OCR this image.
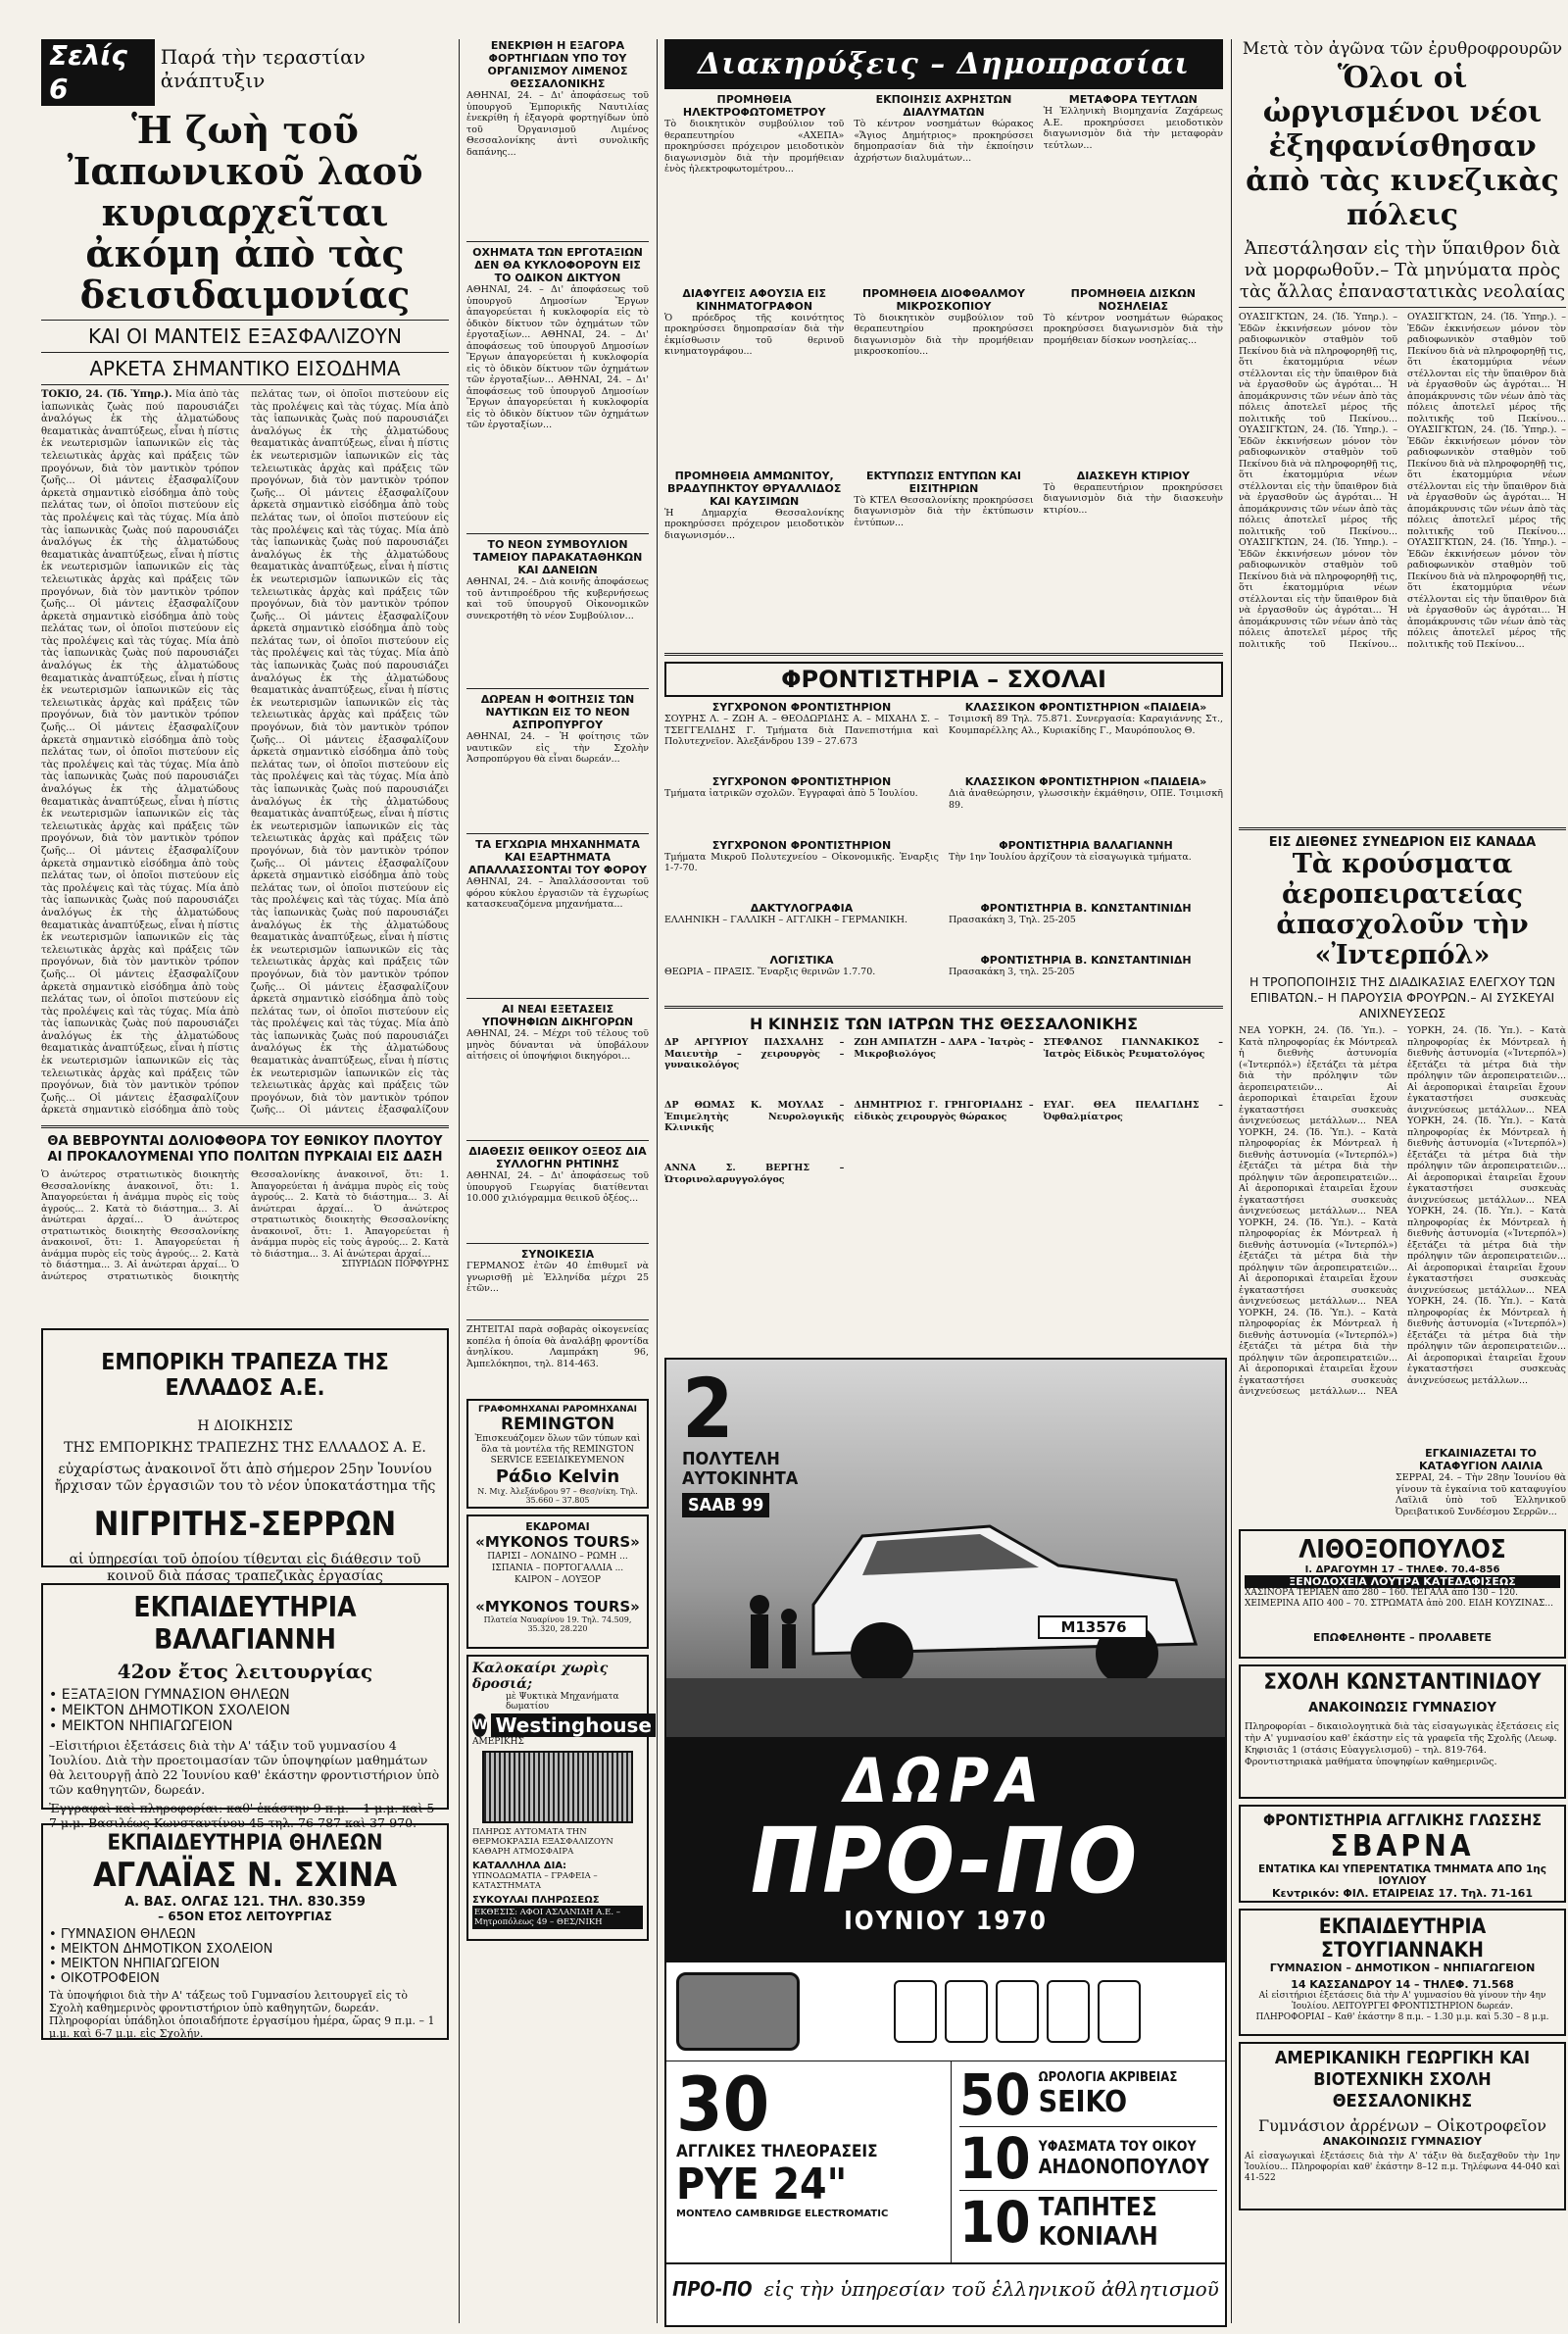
Σελίς 6
Παρά τὴν τεραστίαν ἀνάπτυξιν
Ἡ ζωὴ τοῦ Ἰαπωνικοῦ λαοῦ κυριαρχεῖται ἀκόμη ἀπὸ τὰς δεισιδαιμονίας
ΚΑΙ ΟΙ ΜΑΝΤΕΙΣ ΕΞΑΣΦΑΛΙΖΟΥΝ
ΑΡΚΕΤΑ ΣΗΜΑΝΤΙΚΟ ΕΙΣΟΔΗΜΑ
ΤΟΚΙΟ, 24. (Ἰδ. Ὑπηρ.). Μία ἀπὸ τὰς ἰαπωνικὰς ζωὰς πού παρουσιάζει ἀναλόγως ἐκ τὴς ἀλματώδους θεαματικὰς ἀναπτύξεως, εἶναι ἡ πίστις ἐκ νεωτερισμῶν ἰαπωνικῶν εἰς τὰς τελειωτικὰς ἀρχὰς καὶ πράξεις τῶν προγόνων, διὰ τὸν μαντικὸν τρόπον ζωῆς... Οἱ μάντεις ἐξασφαλίζουν ἀρκετὰ σημαντικὸ εἰσόδημα ἀπὸ τοὺς πελάτας των, οἱ ὁποῖοι πιστεύουν εἰς τὰς προλέψεις καὶ τὰς τύχας. Μία ἀπὸ τὰς ἰαπωνικὰς ζωὰς πού παρουσιάζει ἀναλόγως ἐκ τὴς ἀλματώδους θεαματικὰς ἀναπτύξεως, εἶναι ἡ πίστις ἐκ νεωτερισμῶν ἰαπωνικῶν εἰς τὰς τελειωτικὰς ἀρχὰς καὶ πράξεις τῶν προγόνων, διὰ τὸν μαντικὸν τρόπον ζωῆς... Οἱ μάντεις ἐξασφαλίζουν ἀρκετὰ σημαντικὸ εἰσόδημα ἀπὸ τοὺς πελάτας των, οἱ ὁποῖοι πιστεύουν εἰς τὰς προλέψεις καὶ τὰς τύχας. Μία ἀπὸ τὰς ἰαπωνικὰς ζωὰς πού παρουσιάζει ἀναλόγως ἐκ τὴς ἀλματώδους θεαματικὰς ἀναπτύξεως, εἶναι ἡ πίστις ἐκ νεωτερισμῶν ἰαπωνικῶν εἰς τὰς τελειωτικὰς ἀρχὰς καὶ πράξεις τῶν προγόνων, διὰ τὸν μαντικὸν τρόπον ζωῆς... Οἱ μάντεις ἐξασφαλίζουν ἀρκετὰ σημαντικὸ εἰσόδημα ἀπὸ τοὺς πελάτας των, οἱ ὁποῖοι πιστεύουν εἰς τὰς προλέψεις καὶ τὰς τύχας. Μία ἀπὸ τὰς ἰαπωνικὰς ζωὰς πού παρουσιάζει ἀναλόγως ἐκ τὴς ἀλματώδους θεαματικὰς ἀναπτύξεως, εἶναι ἡ πίστις ἐκ νεωτερισμῶν ἰαπωνικῶν εἰς τὰς τελειωτικὰς ἀρχὰς καὶ πράξεις τῶν προγόνων, διὰ τὸν μαντικὸν τρόπον ζωῆς... Οἱ μάντεις ἐξασφαλίζουν ἀρκετὰ σημαντικὸ εἰσόδημα ἀπὸ τοὺς πελάτας των, οἱ ὁποῖοι πιστεύουν εἰς τὰς προλέψεις καὶ τὰς τύχας. Μία ἀπὸ τὰς ἰαπωνικὰς ζωὰς πού παρουσιάζει ἀναλόγως ἐκ τὴς ἀλματώδους θεαματικὰς ἀναπτύξεως, εἶναι ἡ πίστις ἐκ νεωτερισμῶν ἰαπωνικῶν εἰς τὰς τελειωτικὰς ἀρχὰς καὶ πράξεις τῶν προγόνων, διὰ τὸν μαντικὸν τρόπον ζωῆς... Οἱ μάντεις ἐξασφαλίζουν ἀρκετὰ σημαντικὸ εἰσόδημα ἀπὸ τοὺς πελάτας των, οἱ ὁποῖοι πιστεύουν εἰς τὰς προλέψεις καὶ τὰς τύχας. Μία ἀπὸ τὰς ἰαπωνικὰς ζωὰς πού παρουσιάζει ἀναλόγως ἐκ τὴς ἀλματώδους θεαματικὰς ἀναπτύξεως, εἶναι ἡ πίστις ἐκ νεωτερισμῶν ἰαπωνικῶν εἰς τὰς τελειωτικὰς ἀρχὰς καὶ πράξεις τῶν προγόνων, διὰ τὸν μαντικὸν τρόπον ζωῆς... Οἱ μάντεις ἐξασφαλίζουν ἀρκετὰ σημαντικὸ εἰσόδημα ἀπὸ τοὺς πελάτας των, οἱ ὁποῖοι πιστεύουν εἰς τὰς προλέψεις καὶ τὰς τύχας. Μία ἀπὸ τὰς ἰαπωνικὰς ζωὰς πού παρουσιάζει ἀναλόγως ἐκ τὴς ἀλματώδους θεαματικὰς ἀναπτύξεως, εἶναι ἡ πίστις ἐκ νεωτερισμῶν ἰαπωνικῶν εἰς τὰς τελειωτικὰς ἀρχὰς καὶ πράξεις τῶν προγόνων, διὰ τὸν μαντικὸν τρόπον ζωῆς... Οἱ μάντεις ἐξασφαλίζουν ἀρκετὰ σημαντικὸ εἰσόδημα ἀπὸ τοὺς πελάτας των, οἱ ὁποῖοι πιστεύουν εἰς τὰς προλέψεις καὶ τὰς τύχας. Μία ἀπὸ τὰς ἰαπωνικὰς ζωὰς πού παρουσιάζει ἀναλόγως ἐκ τὴς ἀλματώδους θεαματικὰς ἀναπτύξεως, εἶναι ἡ πίστις ἐκ νεωτερισμῶν ἰαπωνικῶν εἰς τὰς τελειωτικὰς ἀρχὰς καὶ πράξεις τῶν προγόνων, διὰ τὸν μαντικὸν τρόπον ζωῆς... Οἱ μάντεις ἐξασφαλίζουν ἀρκετὰ σημαντικὸ εἰσόδημα ἀπὸ τοὺς πελάτας των, οἱ ὁποῖοι πιστεύουν εἰς τὰς προλέψεις καὶ τὰς τύχας. Μία ἀπὸ τὰς ἰαπωνικὰς ζωὰς πού παρουσιάζει ἀναλόγως ἐκ τὴς ἀλματώδους θεαματικὰς ἀναπτύξεως, εἶναι ἡ πίστις ἐκ νεωτερισμῶν ἰαπωνικῶν εἰς τὰς τελειωτικὰς ἀρχὰς καὶ πράξεις τῶν προγόνων, διὰ τὸν μαντικὸν τρόπον ζωῆς... Οἱ μάντεις ἐξασφαλίζουν ἀρκετὰ σημαντικὸ εἰσόδημα ἀπὸ τοὺς πελάτας των, οἱ ὁποῖοι πιστεύουν εἰς τὰς προλέψεις καὶ τὰς τύχας. Μία ἀπὸ τὰς ἰαπωνικὰς ζωὰς πού παρουσιάζει ἀναλόγως ἐκ τὴς ἀλματώδους θεαματικὰς ἀναπτύξεως, εἶναι ἡ πίστις ἐκ νεωτερισμῶν ἰαπωνικῶν εἰς τὰς τελειωτικὰς ἀρχὰς καὶ πράξεις τῶν προγόνων, διὰ τὸν μαντικὸν τρόπον ζωῆς... Οἱ μάντεις ἐξασφαλίζουν ἀρκετὰ σημαντικὸ εἰσόδημα ἀπὸ τοὺς πελάτας των, οἱ ὁποῖοι πιστεύουν εἰς τὰς προλέψεις καὶ τὰς τύχας. Μία ἀπὸ τὰς ἰαπωνικὰς ζωὰς πού παρουσιάζει ἀναλόγως ἐκ τὴς ἀλματώδους θεαματικὰς ἀναπτύξεως, εἶναι ἡ πίστις ἐκ νεωτερισμῶν ἰαπωνικῶν εἰς τὰς τελειωτικὰς ἀρχὰς καὶ πράξεις τῶν προγόνων, διὰ τὸν μαντικὸν τρόπον ζωῆς... Οἱ μάντεις ἐξασφαλίζουν ἀρκετὰ σημαντικὸ εἰσόδημα ἀπὸ τοὺς πελάτας των, οἱ ὁποῖοι πιστεύουν εἰς τὰς προλέψεις καὶ τὰς τύχας. Μία ἀπὸ τὰς ἰαπωνικὰς ζωὰς πού παρουσιάζει ἀναλόγως ἐκ τὴς ἀλματώδους θεαματικὰς ἀναπτύξεως, εἶναι ἡ πίστις ἐκ νεωτερισμῶν ἰαπωνικῶν εἰς τὰς τελειωτικὰς ἀρχὰς καὶ πράξεις τῶν προγόνων, διὰ τὸν μαντικὸν τρόπον ζωῆς... Οἱ μάντεις ἐξασφαλίζουν
ΘΑ ΒΕΒΡΟΥΝΤΑΙ ΔΟΛΙΟΦΘΟΡΑ ΤΟΥ ΕΘΝΙΚΟΥ ΠΛΟΥΤΟΥ ΑΙ ΠΡΟΚΑΛΟΥΜΕΝΑΙ ΥΠΟ ΠΟΛΙΤΩΝ ΠΥΡΚΑΙΑΙ ΕΙΣ ΔΑΣΗ
Ὁ ἀνώτερος στρατιωτικὸς διοικητὴς Θεσσαλονίκης ἀνακοινοῖ, ὅτι: 1. Ἀπαγορεύεται ἡ ἀνάμμα πυρὸς εἰς τοὺς ἀγρούς... 2. Κατὰ τὸ διάστημα... 3. Αἱ ἀνώτεραι ἀρχαί... Ὁ ἀνώτερος στρατιωτικὸς διοικητὴς Θεσσαλονίκης ἀνακοινοῖ, ὅτι: 1. Ἀπαγορεύεται ἡ ἀνάμμα πυρὸς εἰς τοὺς ἀγρούς... 2. Κατὰ τὸ διάστημα... 3. Αἱ ἀνώτεραι ἀρχαί... Ὁ ἀνώτερος στρατιωτικὸς διοικητὴς Θεσσαλονίκης ἀνακοινοῖ, ὅτι: 1. Ἀπαγορεύεται ἡ ἀνάμμα πυρὸς εἰς τοὺς ἀγρούς... 2. Κατὰ τὸ διάστημα... 3. Αἱ ἀνώτεραι ἀρχαί... Ὁ ἀνώτερος στρατιωτικὸς διοικητὴς Θεσσαλονίκης ἀνακοινοῖ, ὅτι: 1. Ἀπαγορεύεται ἡ ἀνάμμα πυρὸς εἰς τοὺς ἀγρούς... 2. Κατὰ τὸ διάστημα... 3. Αἱ ἀνώτεραι ἀρχαί...
ΣΠΥΡΙΔΩΝ ΠΟΡΦΥΡΗΣ
ΕΜΠΟΡΙΚΗ ΤΡΑΠΕΖΑ ΤΗΣ ΕΛΛΑΔΟΣ Α.Ε.
Η ΔΙΟΙΚΗΣΙΣ
ΤΗΣ ΕΜΠΟΡΙΚΗΣ ΤΡΑΠΕΖΗΣ ΤΗΣ ΕΛΛΑΔΟΣ Α. Ε.
εὐχαρίστως ἀνακοινοῖ ὅτι ἀπὸ σήμερον 25ην Ἰουνίου ἤρχισαν τῶν ἐργασιῶν του τὸ νέον ὑποκατάστημα τῆς
ΝΙΓΡΙΤΗΣ-ΣΕΡΡΩΝ
αἱ ὑπηρεσίαι τοῦ ὁποίου τίθενται εἰς διάθεσιν τοῦ κοινοῦ διὰ πάσας τραπεζικὰς ἐργασίας
ΕΚΠΑΙΔΕΥΤΗΡΙΑ ΒΑΛΑΓΙΑΝΝΗ
42ον ἔτος λειτουργίας
• ΕΞΑΤΑΞΙΟΝ ΓΥΜΝΑΣΙΟΝ ΘΗΛΕΩΝ
• ΜΕΙΚΤΟΝ ΔΗΜΟΤΙΚΟΝ ΣΧΟΛΕΙΟΝ
• ΜΕΙΚΤΟΝ ΝΗΠΙΑΓΩΓΕΙΟΝ
–Εἰσιτήριοι ἐξετάσεις διὰ τὴν Α' τάξιν τοῦ γυμνασίου 4 Ἰουλίου. Διὰ τὴν προετοιμασίαν τῶν ὑποψηφίων μαθημάτων θὰ λειτουργῇ ἀπὸ 22 Ἰουνίου καθ' ἑκάστην φροντιστήριον ὑπὸ τῶν καθηγητῶν, δωρεάν.
Ἐγγραφαὶ καὶ πληροφορίαι: καθ' ἑκάστην 9 π.μ. – 1 μ.μ. καὶ 5–7 μ.μ. Βασιλέως Κωνσταντίνου 45 τηλ. 76-787 καὶ 37-970.
ΕΚΠΑΙΔΕΥΤΗΡΙΑ ΘΗΛΕΩΝ
ΑΓΛΑΪΑΣ Ν. ΣΧΙΝΑ
Α. ΒΑΣ. ΟΛΓΑΣ 121. ΤΗΛ. 830.359
– 65ΟΝ ΕΤΟΣ ΛΕΙΤΟΥΡΓΙΑΣ
• ΓΥΜΝΑΣΙΟΝ ΘΗΛΕΩΝ
• ΜΕΙΚΤΟΝ ΔΗΜΟΤΙΚΟΝ ΣΧΟΛΕΙΟΝ
• ΜΕΙΚΤΟΝ ΝΗΠΙΑΓΩΓΕΙΟΝ
• ΟΙΚΟΤΡΟΦΕΙΟΝ
Τὰ ὑποψήφιοι διὰ τὴν Α' τάξεως τοῦ Γυμνασίου λειτουργεῖ εἰς τὸ Σχολὴ καθημερινὸς φροντιστήριον ὑπὸ καθηγητῶν, δωρεάν. Πληροφορίαι ὑπάδηλοι ὁποιαδήποτε ἐργασίμου ἡμέρα, ὥρας 9 π.μ. – 1 μ.μ. καὶ 6-7 μ.μ. εἰς Σχολήν.
ΕΝΕΚΡΙΘΗ Η ΕΞΑΓΟΡΑ ΦΟΡΤΗΓΙΔΩΝ ΥΠΟ ΤΟΥ ΟΡΓΑΝΙΣΜΟΥ ΛΙΜΕΝΟΣ ΘΕΣΣΑΛΟΝΙΚΗΣ
ΑΘΗΝΑΙ, 24. – Δι' ἀποφάσεως τοῦ ὑπουργοῦ Ἐμπορικῆς Ναυτιλίας ἐνεκρίθη ἡ ἐξαγορὰ φορτηγίδων ὑπὸ τοῦ Ὀργανισμοῦ Λιμένος Θεσσαλονίκης ἀντὶ συνολικῆς δαπάνης...
ΟΧΗΜΑΤΑ ΤΩΝ ΕΡΓΟΤΑΞΙΩΝ ΔΕΝ ΘΑ ΚΥΚΛΟΦΟΡΟΥΝ ΕΙΣ ΤΟ ΟΔΙΚΟΝ ΔΙΚΤΥΟΝ
ΑΘΗΝΑΙ, 24. – Δι' ἀποφάσεως τοῦ ὑπουργοῦ Δημοσίων Ἔργων ἀπαγορεύεται ἡ κυκλοφορία εἰς τὸ ὁδικὸν δίκτυον τῶν ὀχημάτων τῶν ἐργοταξίων... ΑΘΗΝΑΙ, 24. – Δι' ἀποφάσεως τοῦ ὑπουργοῦ Δημοσίων Ἔργων ἀπαγορεύεται ἡ κυκλοφορία εἰς τὸ ὁδικὸν δίκτυον τῶν ὀχημάτων τῶν ἐργοταξίων... ΑΘΗΝΑΙ, 24. – Δι' ἀποφάσεως τοῦ ὑπουργοῦ Δημοσίων Ἔργων ἀπαγορεύεται ἡ κυκλοφορία εἰς τὸ ὁδικὸν δίκτυον τῶν ὀχημάτων τῶν ἐργοταξίων...
ΤΟ ΝΕΟΝ ΣΥΜΒΟΥΛΙΟΝ ΤΑΜΕΙΟΥ ΠΑΡΑΚΑΤΑΘΗΚΩΝ ΚΑΙ ΔΑΝΕΙΩΝ
ΑΘΗΝΑΙ, 24. – Διὰ κοινῆς ἀποφάσεως τοῦ ἀντιπροέδρου τῆς κυβερνήσεως καὶ τοῦ ὑπουργοῦ Οἰκονομικῶν συνεκροτήθη τὸ νέον Συμβούλιον...
ΔΩΡΕΑΝ Η ΦΟΙΤΗΣΙΣ ΤΩΝ ΝΑΥΤΙΚΩΝ ΕΙΣ ΤΟ ΝΕΟΝ ΑΣΠΡΟΠΥΡΓΟΥ
ΑΘΗΝΑΙ, 24. – Ἡ φοίτησις τῶν ναυτικῶν εἰς τὴν Σχολὴν Ἀσπροπύργου θὰ εἶναι δωρεάν...
ΤΑ ΕΓΧΩΡΙΑ ΜΗΧΑΝΗΜΑΤΑ ΚΑΙ ΕΞΑΡΤΗΜΑΤΑ ΑΠΑΛΛΑΣΣΟΝΤΑΙ ΤΟΥ ΦΟΡΟΥ
ΑΘΗΝΑΙ, 24. – Ἀπαλλάσσονται τοῦ φόρου κύκλου ἐργασιῶν τὰ ἐγχωρίως κατασκευαζόμενα μηχανήματα...
ΑΙ ΝΕΑΙ ΕΞΕΤΑΣΕΙΣ ΥΠΟΨΗΦΙΩΝ ΔΙΚΗΓΟΡΩΝ
ΑΘΗΝΑΙ, 24. – Μέχρι τοῦ τέλους τοῦ μηνὸς δύνανται νὰ ὑποβάλουν αἰτήσεις οἱ ὑποψήφιοι δικηγόροι...
ΔΙΑΘΕΣΙΣ ΘΕΙΙΚΟΥ ΟΞΕΟΣ ΔΙΑ ΣΥΛΛΟΓΗΝ ΡΗΤΙΝΗΣ
ΑΘΗΝΑΙ, 24. – Δι' ἀποφάσεως τοῦ ὑπουργοῦ Γεωργίας διατίθενται 10.000 χιλιόγραμμα θειικοῦ ὀξέος...
ΣΥΝΟΙΚΕΣΙΑ
ΓΕΡΜΑΝΟΣ ἐτῶν 40 ἐπιθυμεῖ νὰ γνωρισθῇ μὲ Ἑλληνίδα μέχρι 25 ἐτῶν...
ΖΗΤΕΙΤΑΙ παρὰ σοβαρὰς οἰκογενείας κοπέλα ἡ ὁποία θὰ ἀναλάβῃ φροντίδα ἀνηλίκου. Λαμπράκη 96, Ἀμπελόκηποι, τηλ. 814-463.
ΓΡΑΦΟΜΗΧΑΝΑΙ ΡΑΡΟΜΗΧΑΝΑΙ
REMINGTON
Ἐπισκευάζομεν ὅλων τῶν τύπων καὶ ὅλα τὰ μοντέλα τῆς REMINGTON SERVICE ΕΞΕΙΔΙΚΕΥΜΕΝΟΝ
Ράδιο Kelvin
Ν. Μιχ. Ἀλεξάνδρου 97 – Θεσ/νίκη. Τηλ. 35.660 – 37.805
ΕΚΔΡΟΜΑΙ
«MYKONOS TOURS»
ΠΑΡΙΣΙ – ΛΟΝΔΙΝΟ – ΡΩΜΗ ... ΙΣΠΑΝΙΑ – ΠΟΡΤΟΓΑΛΛΙΑ ... ΚΑΙΡΟΝ – ΛΟΥΞΟΡ
«MYKONOS TOURS»
Πλατεία Ναυαρίνου 19. Τηλ. 74.509, 35.320, 28.220
Καλοκαίρι χωρὶς δροσιά;
μὲ Ψυκτικὰ Μηχανήματα δωματίου
W Westinghouse
ΑΜΕΡΙΚΗΣ
ΠΛΗΡΩΣ ΑΥΤΟΜΑΤΑ ΤΗΝ ΘΕΡΜΟΚΡΑΣΙΑ ΕΞΑΣΦΑΛΙΖΟΥΝ ΚΑΘΑΡΗ ΑΤΜΟΣΦΑΙΡΑ
ΚΑΤΑΛΛΗΛΑ ΔΙΑ:
ΥΠΝΟΔΩΜΑΤΙΑ – ΓΡΑΦΕΙΑ – ΚΑΤΑΣΤΗΜΑΤΑ
ΣΥΚΟΥΛΑΙ ΠΛΗΡΩΣΕΩΣ
ΕΚΘΕΣΙΣ: ΑΦΟΙ ΑΣΛΑΝΙΔΗ Α.Ε. – Μητροπόλεως 49 – ΘΕΣ/ΝΙΚΗ
Διακηρύξεις – Δημοπρασίαι
ΠΡΟΜΗΘΕΙΑ ΗΛΕΚΤΡΟΦΩΤΟΜΕΤΡΟΥ
Τὸ διοικητικὸν συμβούλιον τοῦ θεραπευτηρίου «ΑΧΕΠΑ» προκηρύσσει πρόχειρον μειοδοτικὸν διαγωνισμὸν διὰ τὴν προμήθειαν ἑνὸς ἠλεκτροφωτομέτρου...
ΕΚΠΟΙΗΣΙΣ ΑΧΡΗΣΤΩΝ ΔΙΑΛΥΜΑΤΩΝ
Τὸ κέντρον νοσημάτων θώρακος «Ἄγιος Δημήτριος» προκηρύσσει δημοπρασίαν διὰ τὴν ἐκποίησιν ἀχρήστων διαλυμάτων...
ΜΕΤΑΦΟΡΑ ΤΕΥΤΛΩΝ
Ἡ Ἑλληνικὴ Βιομηχανία Ζαχάρεως Α.Ε. προκηρύσσει μειοδοτικὸν διαγωνισμὸν διὰ τὴν μεταφορὰν τεύτλων...
ΔΙΑΦΥΓΕΙΣ ΑΦΟΥΣΙΑ ΕΙΣ ΚΙΝΗΜΑΤΟΓΡΑΦΟΝ
Ὁ πρόεδρος τῆς κοινότητος προκηρύσσει δημοπρασίαν διὰ τὴν ἐκμίσθωσιν τοῦ θερινοῦ κινηματογράφου...
ΠΡΟΜΗΘΕΙΑ ΔΙΟΦΘΑΛΜΟΥ ΜΙΚΡΟΣΚΟΠΙΟΥ
Τὸ διοικητικὸν συμβούλιον τοῦ θεραπευτηρίου προκηρύσσει διαγωνισμὸν διὰ τὴν προμήθειαν μικροσκοπίου...
ΠΡΟΜΗΘΕΙΑ ΔΙΣΚΩΝ ΝΟΣΗΛΕΙΑΣ
Τὸ κέντρον νοσημάτων θώρακος προκηρύσσει διαγωνισμὸν διὰ τὴν προμήθειαν δίσκων νοσηλείας...
ΠΡΟΜΗΘΕΙΑ ΑΜΜΩΝΙΤΟΥ, ΒΡΑΔΥΠΗΚΤΟΥ ΘΡΥΑΛΛΙΔΟΣ ΚΑΙ ΚΑΥΣΙΜΩΝ
Ἡ Δημαρχία Θεσσαλονίκης προκηρύσσει πρόχειρον μειοδοτικὸν διαγωνισμόν...
ΕΚΤΥΠΩΣΙΣ ΕΝΤΥΠΩΝ ΚΑΙ ΕΙΣΙΤΗΡΙΩΝ
Τὸ ΚΤΕΛ Θεσσαλονίκης προκηρύσσει διαγωνισμὸν διὰ τὴν ἐκτύπωσιν ἐντύπων...
ΔΙΑΣΚΕΥΗ ΚΤΙΡΙΟΥ
Τὸ θεραπευτήριον προκηρύσσει διαγωνισμὸν διὰ τὴν διασκευὴν κτιρίου...
ΦΡΟΝΤΙΣΤΗΡΙΑ – ΣΧΟΛΑΙ
ΣΥΓΧΡΟΝΟΝ ΦΡΟΝΤΙΣΤΗΡΙΟΝ
ΣΟΥΡΗΣ Λ. – ΖΩΗ Α. – ΘΕΟΔΩΡΙΔΗΣ Α. – ΜΙΧΑΗΛ Σ. – ΤΣΕΓΓΕΛΙΔΗΣ Γ. Τμήματα διὰ Πανεπιστήμια καὶ Πολυτεχνεῖον. Ἀλεξάνδρου 139 – 27.673
ΚΛΑΣΣΙΚΟΝ ΦΡΟΝΤΙΣΤΗΡΙΟΝ «ΠΑΙΔΕΙΑ»
Τσιμισκῆ 89 Τηλ. 75.871. Συνεργασία: Καραγιάννης Στ., Κουμπαρέλλης Αλ., Κυριακίδης Γ., Μαυρόπουλος Θ.
ΣΥΓΧΡΟΝΟΝ ΦΡΟΝΤΙΣΤΗΡΙΟΝ
Τμήματα ἰατρικῶν σχολῶν. Ἐγγραφαὶ ἀπὸ 5 Ἰουλίου.
ΚΛΑΣΣΙΚΟΝ ΦΡΟΝΤΙΣΤΗΡΙΟΝ «ΠΑΙΔΕΙΑ»
Διὰ ἀναθεώρησιν, γλωσσικὴν ἐκμάθησιν, ΟΠΕ. Τσιμισκῆ 89.
ΣΥΓΧΡΟΝΟΝ ΦΡΟΝΤΙΣΤΗΡΙΟΝ
Τμήματα Μικροῦ Πολυτεχνείου – Οἰκονομικῆς. Ἐναρξις 1-7-70.
ΦΡΟΝΤΙΣΤΗΡΙΑ ΒΑΛΑΓΙΑΝΝΗ
Τὴν 1ην Ἰουλίου ἀρχίζουν τὰ εἰσαγωγικὰ τμήματα.
ΔΑΚΤΥΛΟΓΡΑΦΙΑ
ΕΛΛΗΝΙΚΗ – ΓΑΛΛΙΚΗ – ΑΓΓΛΙΚΗ – ΓΕΡΜΑΝΙΚΗ.
ΦΡΟΝΤΙΣΤΗΡΙΑ Β. ΚΩΝΣΤΑΝΤΙΝΙΔΗ
Πρασακάκη 3, Τηλ. 25-205
ΛΟΓΙΣΤΙΚΑ
ΘΕΩΡΙΑ – ΠΡΑΞΙΣ. Ἔναρξις θερινῶν 1.7.70.
ΦΡΟΝΤΙΣΤΗΡΙΑ Β. ΚΩΝΣΤΑΝΤΙΝΙΔΗ
Πρασακάκη 3, τηλ. 25-205
Η ΚΙΝΗΣΙΣ ΤΩΝ ΙΑΤΡΩΝ ΤΗΣ ΘΕΣΣΑΛΟΝΙΚΗΣ
ΔΡ ΑΡΓΥΡΙΟΥ ΠΑΣΧΑΛΗΣ – Μαιευτὴρ – χειρουργὸς – γυναικολόγος
ΖΩΗ ΑΜΠΑΤΖΗ – ΔΑΡΑ – Ἰατρὸς – Μικροβιολόγος
ΣΤΕΦΑΝΟΣ ΓΙΑΝΝΑΚΙΚΟΣ – Ἰατρὸς Εἰδικὸς Ρευματολόγος
ΔΡ ΘΩΜΑΣ Κ. ΜΟΥΛΑΣ – Ἐπιμελητὴς Νευρολογικῆς Κλινικῆς
ΔΗΜΗΤΡΙΟΣ Γ. ΓΡΗΓΟΡΙΑΔΗΣ – εἰδικὸς χειρουργὸς θώρακος
ΕΥΑΓ. ΘΕΑ ΠΕΛΑΓΙΔΗΣ – Ὀφθαλμίατρος
ΑΝΝΑ Σ. ΒΕΡΓΗΣ – Ὠτορινολαρυγγολόγος
2
ΠΟΛΥΤΕΛΗ ΑΥΤΟΚΙΝΗΤΑ
SAAB 99
M13576
ΔΩΡΑ
ΠΡΟ-ΠΟ
ΙΟΥΝΙΟΥ 1970
30
ΑΓΓΛΙΚΕΣ ΤΗΛΕΟΡΑΣΕΙΣ
PYE 24"
ΜΟΝΤΕΛΟ CAMBRIDGE ELECTROMATIC
50 ΩΡΟΛΟΓΙΑ ΑΚΡΙΒΕΙΑΣ
SEIKO
10 ΥΦΑΣΜΑΤΑ ΤΟΥ ΟΙΚΟΥ
ΑΗΔΟΝΟΠΟΥΛΟΥ
10 ΤΑΠΗΤΕΣ
ΚΟΝΙΑΛΗ
ΠΡΟ-ΠΟ εἰς τὴν ὑπηρεσίαν τοῦ ἑλληνικοῦ ἀθλητισμοῦ
Μετὰ τὸν ἀγῶνα τῶν ἐρυθροφρουρῶν
Ὅλοι οἱ ὠργισμένοι νέοι ἐξηφανίσθησαν ἀπὸ τὰς κινεζικὰς πόλεις
Ἀπεστάλησαν εἰς τὴν ὕπαιθρον διὰ νὰ μορφωθοῦν.– Τὰ μηνύματα πρὸς τὰς ἄλλας ἐπαναστατικὰς νεολαίας
ΟΥΑΣΙΓΚΤΩΝ, 24. (Ἰδ. Ὑπηρ.). – Ἐδῶν ἐκκινήσεων μόνον τὸν ραδιοφωνικὸν σταθμὸν τοῦ Πεκίνου διὰ νὰ πληροφορηθῇ τις, ὅτι ἑκατομμύρια νέων στέλλονται εἰς τὴν ὕπαιθρον διὰ νὰ ἐργασθοῦν ὡς ἀγρόται... Ἡ ἀπομάκρυνσις τῶν νέων ἀπὸ τὰς πόλεις ἀποτελεῖ μέρος τῆς πολιτικῆς τοῦ Πεκίνου... ΟΥΑΣΙΓΚΤΩΝ, 24. (Ἰδ. Ὑπηρ.). – Ἐδῶν ἐκκινήσεων μόνον τὸν ραδιοφωνικὸν σταθμὸν τοῦ Πεκίνου διὰ νὰ πληροφορηθῇ τις, ὅτι ἑκατομμύρια νέων στέλλονται εἰς τὴν ὕπαιθρον διὰ νὰ ἐργασθοῦν ὡς ἀγρόται... Ἡ ἀπομάκρυνσις τῶν νέων ἀπὸ τὰς πόλεις ἀποτελεῖ μέρος τῆς πολιτικῆς τοῦ Πεκίνου... ΟΥΑΣΙΓΚΤΩΝ, 24. (Ἰδ. Ὑπηρ.). – Ἐδῶν ἐκκινήσεων μόνον τὸν ραδιοφωνικὸν σταθμὸν τοῦ Πεκίνου διὰ νὰ πληροφορηθῇ τις, ὅτι ἑκατομμύρια νέων στέλλονται εἰς τὴν ὕπαιθρον διὰ νὰ ἐργασθοῦν ὡς ἀγρόται... Ἡ ἀπομάκρυνσις τῶν νέων ἀπὸ τὰς πόλεις ἀποτελεῖ μέρος τῆς πολιτικῆς τοῦ Πεκίνου... ΟΥΑΣΙΓΚΤΩΝ, 24. (Ἰδ. Ὑπηρ.). – Ἐδῶν ἐκκινήσεων μόνον τὸν ραδιοφωνικὸν σταθμὸν τοῦ Πεκίνου διὰ νὰ πληροφορηθῇ τις, ὅτι ἑκατομμύρια νέων στέλλονται εἰς τὴν ὕπαιθρον διὰ νὰ ἐργασθοῦν ὡς ἀγρόται... Ἡ ἀπομάκρυνσις τῶν νέων ἀπὸ τὰς πόλεις ἀποτελεῖ μέρος τῆς πολιτικῆς τοῦ Πεκίνου... ΟΥΑΣΙΓΚΤΩΝ, 24. (Ἰδ. Ὑπηρ.). – Ἐδῶν ἐκκινήσεων μόνον τὸν ραδιοφωνικὸν σταθμὸν τοῦ Πεκίνου διὰ νὰ πληροφορηθῇ τις, ὅτι ἑκατομμύρια νέων στέλλονται εἰς τὴν ὕπαιθρον διὰ νὰ ἐργασθοῦν ὡς ἀγρόται... Ἡ ἀπομάκρυνσις τῶν νέων ἀπὸ τὰς πόλεις ἀποτελεῖ μέρος τῆς πολιτικῆς τοῦ Πεκίνου... ΟΥΑΣΙΓΚΤΩΝ, 24. (Ἰδ. Ὑπηρ.). – Ἐδῶν ἐκκινήσεων μόνον τὸν ραδιοφωνικὸν σταθμὸν τοῦ Πεκίνου διὰ νὰ πληροφορηθῇ τις, ὅτι ἑκατομμύρια νέων στέλλονται εἰς τὴν ὕπαιθρον διὰ νὰ ἐργασθοῦν ὡς ἀγρόται... Ἡ ἀπομάκρυνσις τῶν νέων ἀπὸ τὰς πόλεις ἀποτελεῖ μέρος τῆς πολιτικῆς τοῦ Πεκίνου...
ΕΙΣ ΔΙΕΘΝΕΣ ΣΥΝΕΔΡΙΟΝ ΕΙΣ ΚΑΝΑΔΑ
Τὰ κρούσματα ἀεροπειρατείας ἀπασχολοῦν τὴν «Ἰντερπόλ»
Η ΤΡΟΠΟΠΟΙΗΣΙΣ ΤΗΣ ΔΙΑΔΙΚΑΣΙΑΣ ΕΛΕΓΧΟΥ ΤΩΝ ΕΠΙΒΑΤΩΝ.– Η ΠΑΡΟΥΣΙΑ ΦΡΟΥΡΩΝ.– ΑΙ ΣΥΣΚΕΥΑΙ ΑΝΙΧΝΕΥΣΕΩΣ
ΝΕΑ ΥΟΡΚΗ, 24. (Ἰδ. Ὑπ.). – Κατὰ πληροφορίας ἐκ Μόντρεαλ ἡ διεθνὴς ἀστυνομία («Ἰντερπόλ») ἐξετάζει τὰ μέτρα διὰ τὴν πρόληψιν τῶν ἀεροπειρατειῶν... Αἱ ἀεροπορικαὶ ἑταιρεῖαι ἔχουν ἐγκαταστήσει συσκευὰς ἀνιχνεύσεως μετάλλων... ΝΕΑ ΥΟΡΚΗ, 24. (Ἰδ. Ὑπ.). – Κατὰ πληροφορίας ἐκ Μόντρεαλ ἡ διεθνὴς ἀστυνομία («Ἰντερπόλ») ἐξετάζει τὰ μέτρα διὰ τὴν πρόληψιν τῶν ἀεροπειρατειῶν... Αἱ ἀεροπορικαὶ ἑταιρεῖαι ἔχουν ἐγκαταστήσει συσκευὰς ἀνιχνεύσεως μετάλλων... ΝΕΑ ΥΟΡΚΗ, 24. (Ἰδ. Ὑπ.). – Κατὰ πληροφορίας ἐκ Μόντρεαλ ἡ διεθνὴς ἀστυνομία («Ἰντερπόλ») ἐξετάζει τὰ μέτρα διὰ τὴν πρόληψιν τῶν ἀεροπειρατειῶν... Αἱ ἀεροπορικαὶ ἑταιρεῖαι ἔχουν ἐγκαταστήσει συσκευὰς ἀνιχνεύσεως μετάλλων... ΝΕΑ ΥΟΡΚΗ, 24. (Ἰδ. Ὑπ.). – Κατὰ πληροφορίας ἐκ Μόντρεαλ ἡ διεθνὴς ἀστυνομία («Ἰντερπόλ») ἐξετάζει τὰ μέτρα διὰ τὴν πρόληψιν τῶν ἀεροπειρατειῶν... Αἱ ἀεροπορικαὶ ἑταιρεῖαι ἔχουν ἐγκαταστήσει συσκευὰς ἀνιχνεύσεως μετάλλων... ΝΕΑ ΥΟΡΚΗ, 24. (Ἰδ. Ὑπ.). – Κατὰ πληροφορίας ἐκ Μόντρεαλ ἡ διεθνὴς ἀστυνομία («Ἰντερπόλ») ἐξετάζει τὰ μέτρα διὰ τὴν πρόληψιν τῶν ἀεροπειρατειῶν... Αἱ ἀεροπορικαὶ ἑταιρεῖαι ἔχουν ἐγκαταστήσει συσκευὰς ἀνιχνεύσεως μετάλλων... ΝΕΑ ΥΟΡΚΗ, 24. (Ἰδ. Ὑπ.). – Κατὰ πληροφορίας ἐκ Μόντρεαλ ἡ διεθνὴς ἀστυνομία («Ἰντερπόλ») ἐξετάζει τὰ μέτρα διὰ τὴν πρόληψιν τῶν ἀεροπειρατειῶν... Αἱ ἀεροπορικαὶ ἑταιρεῖαι ἔχουν ἐγκαταστήσει συσκευὰς ἀνιχνεύσεως μετάλλων... ΝΕΑ ΥΟΡΚΗ, 24. (Ἰδ. Ὑπ.). – Κατὰ πληροφορίας ἐκ Μόντρεαλ ἡ διεθνὴς ἀστυνομία («Ἰντερπόλ») ἐξετάζει τὰ μέτρα διὰ τὴν πρόληψιν τῶν ἀεροπειρατειῶν... Αἱ ἀεροπορικαὶ ἑταιρεῖαι ἔχουν ἐγκαταστήσει συσκευὰς ἀνιχνεύσεως μετάλλων... ΝΕΑ ΥΟΡΚΗ, 24. (Ἰδ. Ὑπ.). – Κατὰ πληροφορίας ἐκ Μόντρεαλ ἡ διεθνὴς ἀστυνομία («Ἰντερπόλ») ἐξετάζει τὰ μέτρα διὰ τὴν πρόληψιν τῶν ἀεροπειρατειῶν... Αἱ ἀεροπορικαὶ ἑταιρεῖαι ἔχουν ἐγκαταστήσει συσκευὰς ἀνιχνεύσεως μετάλλων...
ΕΓΚΑΙΝΙΑΖΕΤΑΙ ΤΟ ΚΑΤΑΦΥΓΙΟΝ ΛΑΙΛΙΑ
ΣΕΡΡΑΙ, 24. – Τὴν 28ην Ἰουνίου θὰ γίνουν τὰ ἐγκαίνια τοῦ καταφυγίου Λαϊλιᾶ ὑπὸ τοῦ Ἑλληνικοῦ Ὀρειβατικοῦ Συνδέσμου Σερρῶν...
ΛΙΘΟΞΟΠΟΥΛΟΣ
Ι. ΔΡΑΓΟΥΜΗ 17 – ΤΗΛΕΦ. 70.4-856
ΞΕΝΟΔΟΧΕΙΑ ΛΟΥΤΡΑ ΚΑΤΕΔΑΦΙΣΕΩΣ
ΧΑΣΙΝΟΡΑ ΤΕΡΙΑΕΝ ἀπὸ 280 – 160. ΤΕΓΑΛΑ ἀπὸ 130 – 120. ΧΕΙΜΕΡΙΝΑ ΑΠΟ 400 – 70. ΣΤΡΩΜΑΤΑ ἀπὸ 200. ΕΙΔΗ ΚΟΥΖΙΝΑΣ...
ΕΠΩΦΕΛΗΘΗΤΕ – ΠΡΟΛΑΒΕΤΕ
ΣΧΟΛΗ ΚΩΝΣΤΑΝΤΙΝΙΔΟΥ
ΑΝΑΚΟΙΝΩΣΙΣ ΓΥΜΝΑΣΙΟΥ
Πληροφορίαι – δικαιολογητικὰ διὰ τὰς εἰσαγωγικὰς ἐξετάσεις εἰς τὴν Α' γυμνασίου καθ' ἑκάστην εἰς τὰ γραφεῖα τῆς Σχολῆς (Λεωφ. Κηφισιᾶς 1 (στάσις Εὐαγγελισμοῦ) – τηλ. 819-764. Φροντιστηριακὰ μαθήματα ὑποψηφίων καθημερινῶς.
ΦΡΟΝΤΙΣΤΗΡΙΑ ΑΓΓΛΙΚΗΣ ΓΛΩΣΣΗΣ
ΣΒΑΡΝΑ
ΕΝΤΑΤΙΚΑ ΚΑΙ ΥΠΕΡΕΝΤΑΤΙΚΑ ΤΜΗΜΑΤΑ ΑΠΟ 1ης ΙΟΥΛΙΟΥ
Κεντρικόν: ΦΙΛ. ΕΤΑΙΡΕΙΑΣ 17. Τηλ. 71-161
ΕΚΠΑΙΔΕΥΤΗΡΙΑ ΣΤΟΥΓΙΑΝΝΑΚΗ
ΓΥΜΝΑΣΙΟΝ – ΔΗΜΟΤΙΚΟΝ – ΝΗΠΙΑΓΩΓΕΙΟΝ
14 ΚΑΣΣΑΝΔΡΟΥ 14 – ΤΗΛΕΦ. 71.568
Αἱ εἰσιτήριοι ἐξετάσεις διὰ τὴν Α' γυμνασίου θὰ γίνουν τὴν 4ην Ἰουλίου. ΛΕΙΤΟΥΡΓΕΙ ΦΡΟΝΤΙΣΤΗΡΙΟΝ δωρεάν.
ΠΛΗΡΟΦΟΡΙΑΙ – Καθ' ἑκάστην 8 π.μ. – 1.30 μ.μ. καὶ 5.30 – 8 μ.μ.
ΑΜΕΡΙΚΑΝΙΚΗ ΓΕΩΡΓΙΚΗ ΚΑΙ ΒΙΟΤΕΧΝΙΚΗ ΣΧΟΛΗ ΘΕΣΣΑΛΟΝΙΚΗΣ
Γυμνάσιον ἀρρένων – Οἰκοτροφεῖον
ΑΝΑΚΟΙΝΩΣΙΣ ΓΥΜΝΑΣΙΟΥ
Αἱ εἰσαγωγικαὶ ἐξετάσεις διὰ τὴν Α' τάξιν θὰ διεξαχθοῦν τὴν 1ην Ἰουλίου... Πληροφορίαι καθ' ἑκάστην 8–12 π.μ. Τηλέφωνα 44-040 καὶ 41-522
